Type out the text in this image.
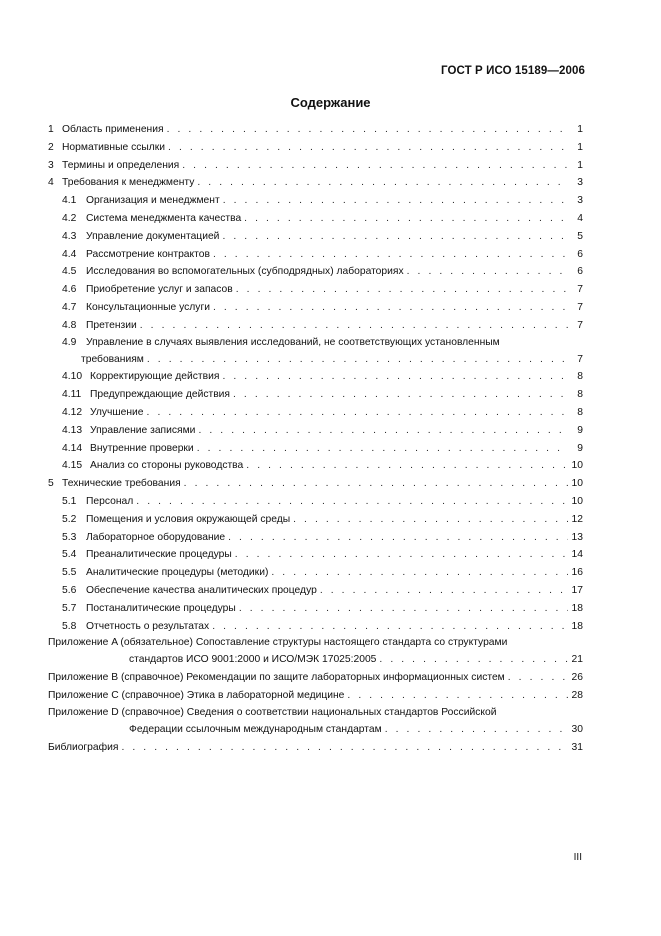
ГОСТ Р ИСО 15189—2006
Содержание
1 Область применения . . .	1
2 Нормативные ссылки . . .	1
3 Термины и определения . . .	1
4 Требования к менеджменту . . .	3
4.1 Организация и менеджмент . . .	3
4.2 Система менеджмента качества . . .	4
4.3 Управление документацией . . .	5
4.4 Рассмотрение контрактов . . .	6
4.5 Исследования во вспомогательных (субподрядных) лабораториях . . .	6
4.6 Приобретение услуг и запасов . . .	7
4.7 Консультационные услуги . . .	7
4.8 Претензии . . .	7
4.9 Управление в случаях выявления исследований, не соответствующих установленным
требованиям . . .	7
4.10 Корректирующие действия . . .	8
4.11 Предупреждающие действия . . .	8
4.12 Улучшение . . .	8
4.13 Управление записями . . .	9
4.14 Внутренние проверки . . .	9
4.15 Анализ со стороны руководства . . .	10
5 Технические требования . . .	10
5.1 Персонал . . .	10
5.2 Помещения и условия окружающей среды . . .	12
5.3 Лабораторное оборудование . . .	13
5.4 Преаналитические процедуры . . .	14
5.5 Аналитические процедуры (методики) . . .	16
5.6 Обеспечение качества аналитических процедур . . .	17
5.7 Постаналитические процедуры . . .	18
5.8 Отчетность о результатах . . .	18
Приложение A (обязательное) Сопоставление структуры настоящего стандарта со структурами
стандартов ИСО 9001:2000 и ИСО/МЭК 17025:2005 . . .	21
Приложение B (справочное) Рекомендации по защите лабораторных информационных систем . . .	26
Приложение C (справочное) Этика в лабораторной медицине . . .	28
Приложение D (справочное) Сведения о соответствии национальных стандартов Российской
Федерации ссылочным международным стандартам . . .	30
Библиография . . .	31
III
